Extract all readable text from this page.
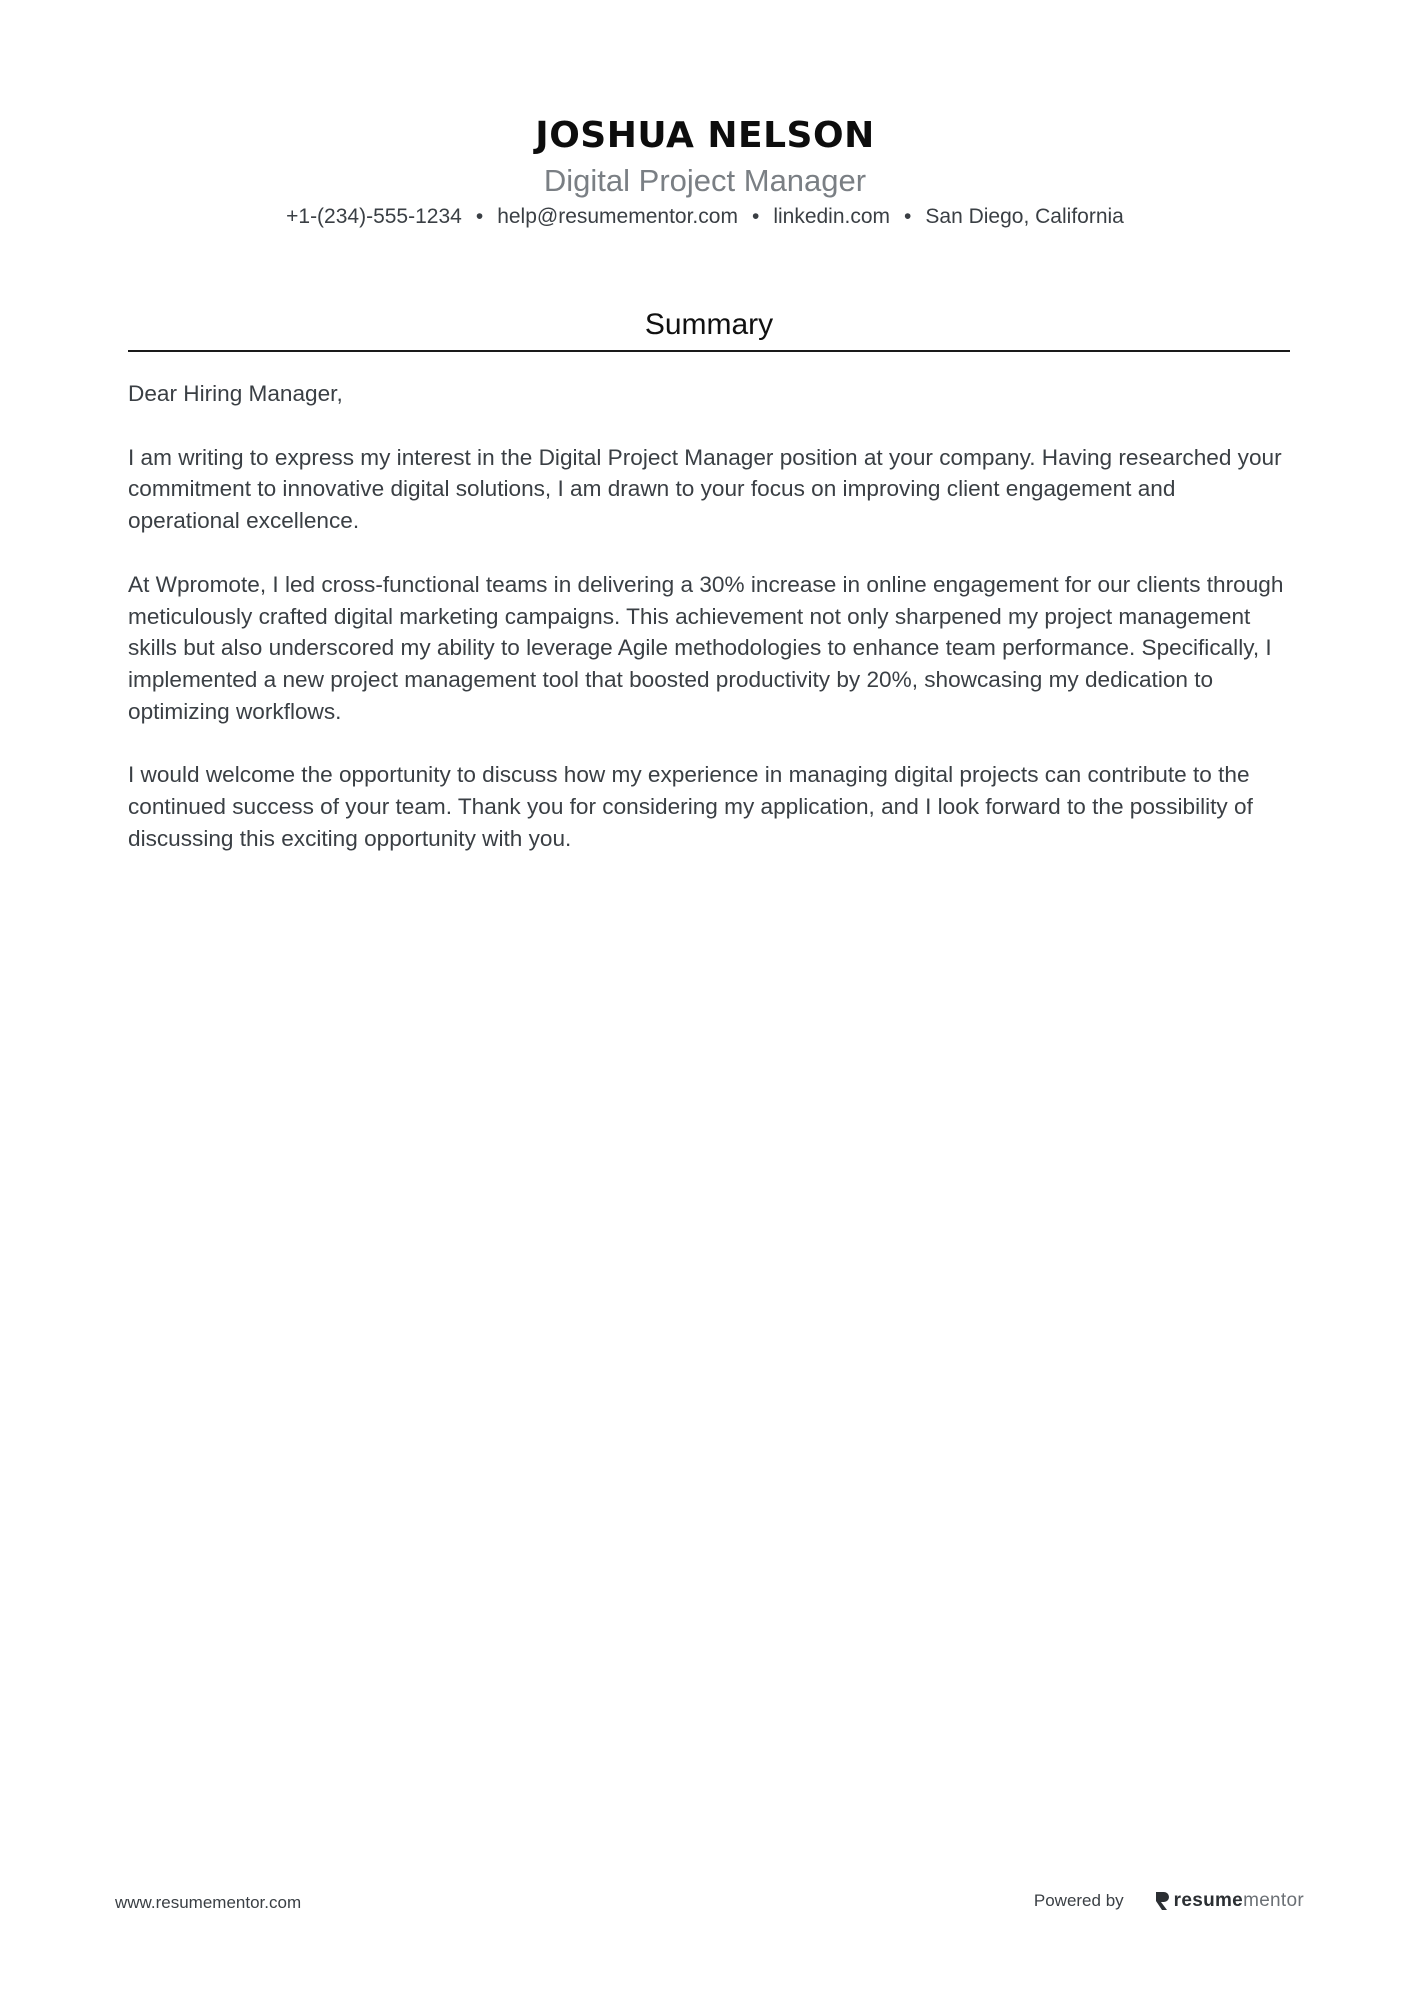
JOSHUA NELSON
Digital Project Manager
+1-(234)-555-1234 • help@resumementor.com • linkedin.com • San Diego, California
Summary

Dear Hiring Manager,

I am writing to express my interest in the Digital Project Manager position at your company. Having researched your commitment to innovative digital solutions, I am drawn to your focus on improving client engagement and operational excellence.

At Wpromote, I led cross-functional teams in delivering a 30% increase in online engagement for our clients through meticulously crafted digital marketing campaigns. This achievement not only sharpened my project management skills but also underscored my ability to leverage Agile methodologies to enhance team performance. Specifically, I implemented a new project management tool that boosted productivity by 20%, showcasing my dedication to optimizing workflows.

I would welcome the opportunity to discuss how my experience in managing digital projects can contribute to the continued success of your team. Thank you for considering my application, and I look forward to the possibility of discussing this exciting opportunity with you.

www.resumementor.com	Powered by	resume mentor
